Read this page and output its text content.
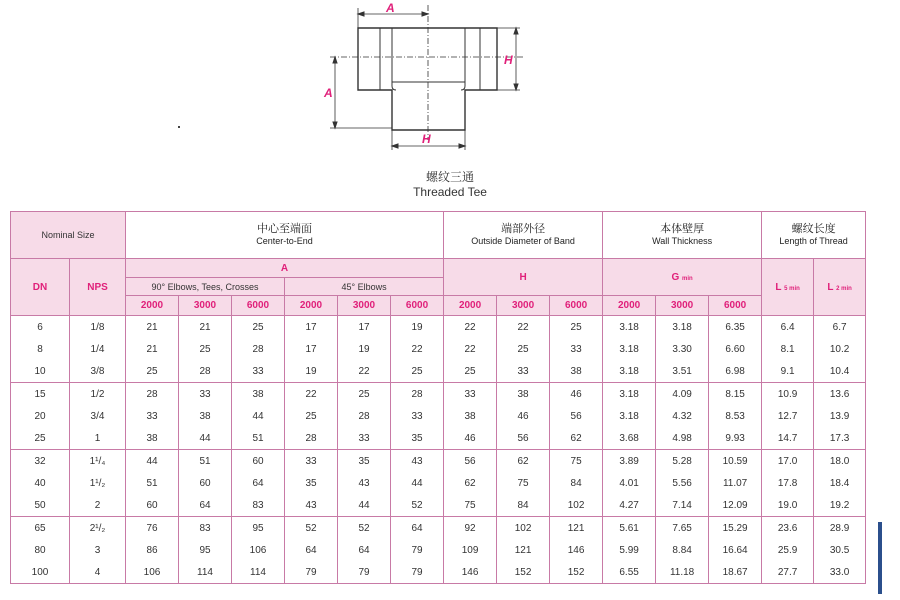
A
A
H
H
螺纹三通
Threaded Tee
Nominal Size		中心至端面
Center-to-End						端部外径
Outside Diameter of Band			本体壁厚
Wall Thickness			螺纹长度
Length of Thread	

DN	NPS	A						H			G min			L 5 min	L 2 min
		90° Elbows, Tees, Crosses			45° Elbows										
		2000	3000	6000	2000	3000	6000	2000	3000	6000	2000	3000	6000		
6	1/8	21	21	25	17	17	19	22	22	25	3.18	3.18	6.35	6.4	6.7
8	1/4	21	25	28	17	19	22	22	25	33	3.18	3.30	6.60	8.1	10.2
10	3/8	25	28	33	19	22	25	25	33	38	3.18	3.51	6.98	9.1	10.4
15	1/2	28	33	38	22	25	28	33	38	46	3.18	4.09	8.15	10.9	13.6
20	3/4	33	38	44	25	28	33	38	46	56	3.18	4.32	8.53	12.7	13.9
25	1	38	44	51	28	33	35	46	56	62	3.68	4.98	9.93	14.7	17.3
32	1¹/₄	44	51	60	33	35	43	56	62	75	3.89	5.28	10.59	17.0	18.0
40	1¹/₂	51	60	64	35	43	44	62	75	84	4.01	5.56	11.07	17.8	18.4
50	2	60	64	83	43	44	52	75	84	102	4.27	7.14	12.09	19.0	19.2
65	2¹/₂	76	83	95	52	52	64	92	102	121	5.61	7.65	15.29	23.6	28.9
80	3	86	95	106	64	64	79	109	121	146	5.99	8.84	16.64	25.9	30.5
100	4	106	114	114	79	79	79	146	152	152	6.55	11.18	18.67	27.7	33.0
